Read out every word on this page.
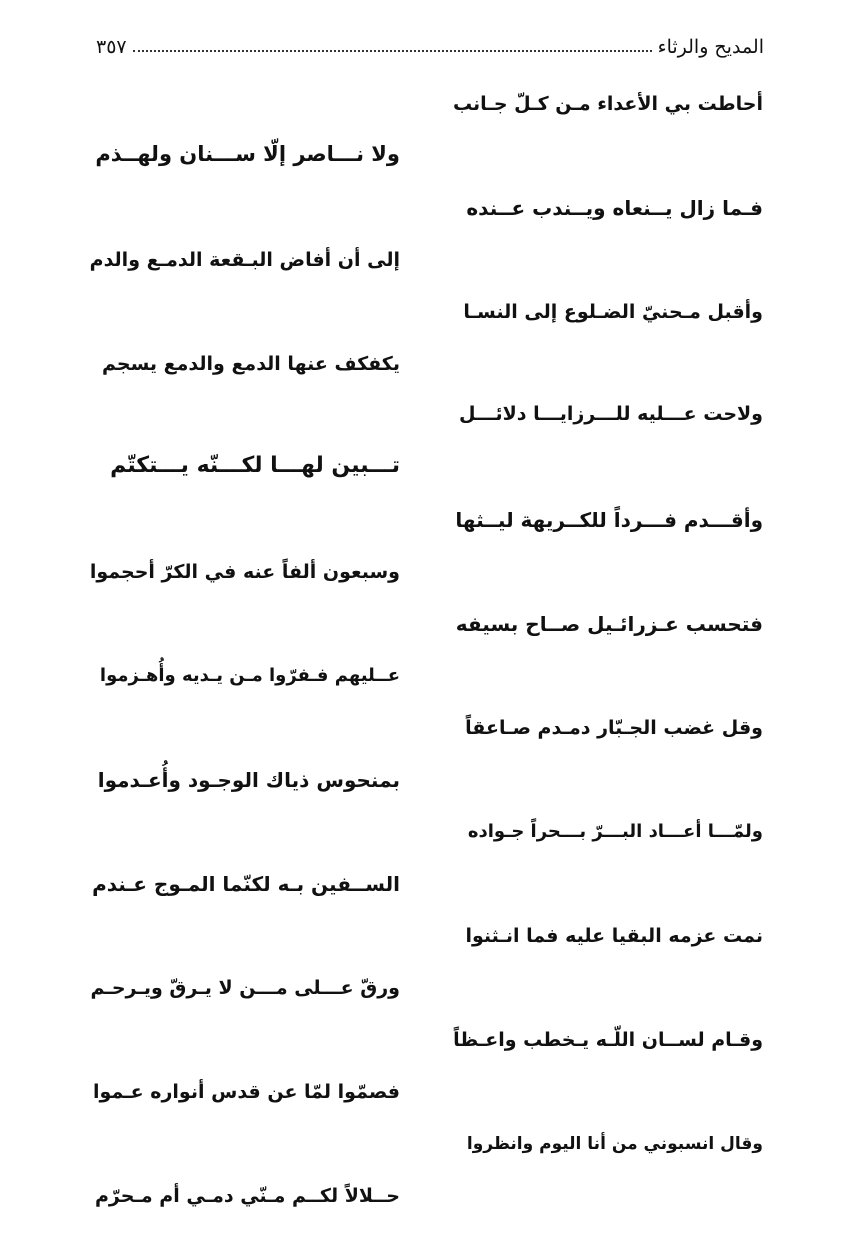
المديح والرثاء
٣٥٧
أحاطت بي الأعداء مـن كـلّ جـانب
ولا نـــاصر إلّا ســـنان ولهــذم
فـما زال يــنعاه ويــندب عــنده
إلى أن أفاض البـقعة الدمـع والدم
وأقبل مـحنيّ الضـلوع إلى النسـا
يكفكف عنها الدمع والدمع يسجم
ولاحت عـــليه للـــرزايـــا دلائـــل
تـــبين لهـــا لكـــنّه يـــتكتّم
وأقـــدم فـــرداً للكــريهة ليــثها
وسبعون ألفاً عنه في الكرّ أحجموا
فتحسب عـزرائـيل صــاح بسيفه
عــليهم فـفرّوا مـن يـديه وأُهـزموا
وقل غضب الجـبّار دمـدم صـاعقاً
بمنحوس ذياك الوجـود وأُعـدموا
ولمّـــا أعـــاد البـــرّ بـــحراً جـواده
الســفين بـه لكنّما المـوج عـندم
نمت عزمه البقيا عليه فما انـثنوا
ورقّ عـــلى مـــن لا يـرقّ ويـرحـم
وقـام لســان اللّـه يـخطب واعـظاً
فصمّوا لمّا عن قدس أنواره عـموا
وقال انسبوني من أنا اليوم وانظروا
حــلالاً لكــم مـنّي دمـي أم مـحرّم
